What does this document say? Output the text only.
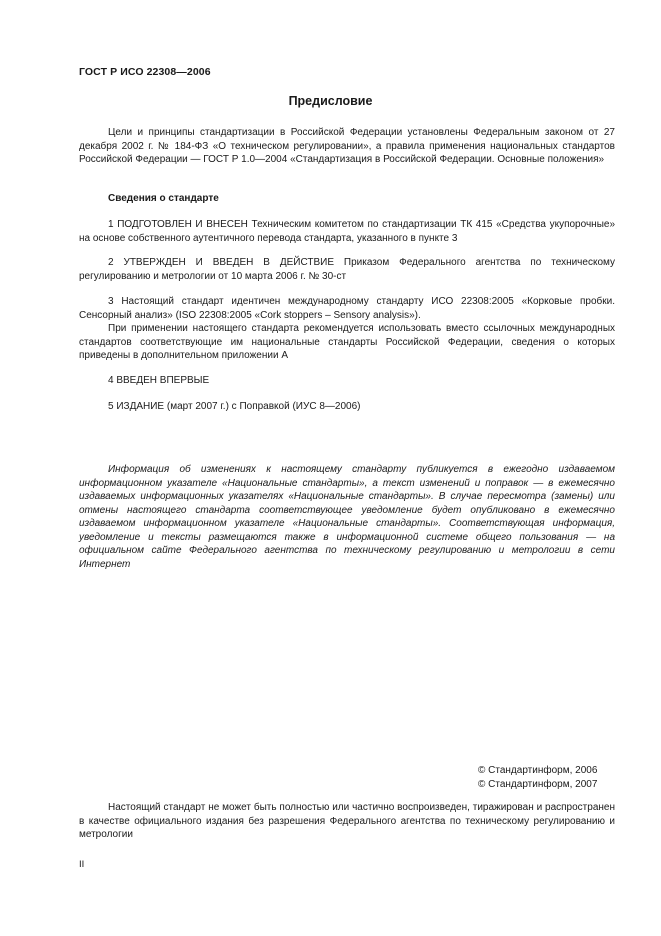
ГОСТ Р ИСО 22308—2006
Предисловие

Цели и принципы стандартизации в Российской Федерации установлены Федеральным законом от 27 декабря 2002 г. № 184-ФЗ «О техническом регулировании», а правила применения национальных стандартов Российской Федерации — ГОСТ Р 1.0—2004 «Стандартизация в Российской Федерации. Основные положения»

Сведения о стандарте

1 ПОДГОТОВЛЕН И ВНЕСЕН Техническим комитетом по стандартизации ТК 415 «Средства укупорочные» на основе собственного аутентичного перевода стандарта, указанного в пункте 3

2 УТВЕРЖДЕН И ВВЕДЕН В ДЕЙСТВИЕ Приказом Федерального агентства по техническому регулированию и метрологии от 10 марта 2006 г. № 30-ст

3 Настоящий стандарт идентичен международному стандарту ИСО 22308:2005 «Корковые пробки. Сенсорный анализ» (ISO 22308:2005 «Cork stoppers – Sensory analysis»).

При применении настоящего стандарта рекомендуется использовать вместо ссылочных международных стандартов соответствующие им национальные стандарты Российской Федерации, сведения о которых приведены в дополнительном приложении А

4 ВВЕДЕН ВПЕРВЫЕ

5 ИЗДАНИЕ (март 2007 г.) с Поправкой (ИУС 8—2006)

Информация об изменениях к настоящему стандарту публикуется в ежегодно издаваемом информационном указателе «Национальные стандарты», а текст изменений и поправок — в ежемесячно издаваемых информационных указателях «Национальные стандарты». В случае пересмотра (замены) или отмены настоящего стандарта соответствующее уведомление будет опубликовано в ежемесячно издаваемом информационном указателе «Национальные стандарты». Соответствующая информация, уведомление и тексты размещаются также в информационной системе общего пользования — на официальном сайте Федерального агентства по техническому регулированию и метрологии в сети Интернет

© Стандартинформ, 2006
© Стандартинформ, 2007

Настоящий стандарт не может быть полностью или частично воспроизведен, тиражирован и распространен в качестве официального издания без разрешения Федерального агентства по техническому регулированию и метрологии

II
